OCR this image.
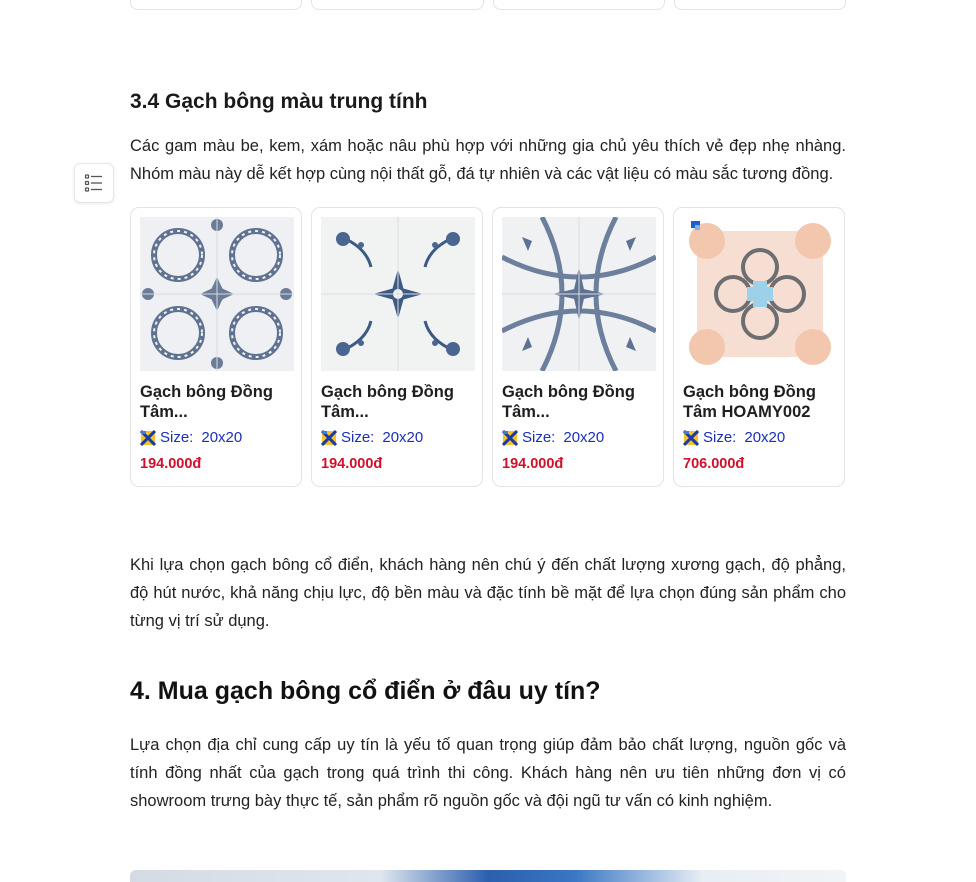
3.4 Gạch bông màu trung tính

Các gam màu be, kem, xám hoặc nâu phù hợp với những gia chủ yêu thích vẻ đẹp nhẹ nhàng. Nhóm màu này dễ kết hợp cùng nội thất gỗ, đá tự nhiên và các vật liệu có màu sắc tương đồng.

Gạch bông Đồng Tâm...
Size: 20x20
194.000đ
Gạch bông Đồng Tâm...
Size: 20x20
194.000đ
Gạch bông Đồng Tâm...
Size: 20x20
194.000đ
Gạch bông Đồng Tâm HOAMY002
Size: 20x20
706.000đ

Khi lựa chọn gạch bông cổ điển, khách hàng nên chú ý đến chất lượng xương gạch, độ phẳng, độ hút nước, khả năng chịu lực, độ bền màu và đặc tính bề mặt để lựa chọn đúng sản phẩm cho từng vị trí sử dụng.

4. Mua gạch bông cổ điển ở đâu uy tín?

Lựa chọn địa chỉ cung cấp uy tín là yếu tố quan trọng giúp đảm bảo chất lượng, nguồn gốc và tính đồng nhất của gạch trong quá trình thi công. Khách hàng nên ưu tiên những đơn vị có showroom trưng bày thực tế, sản phẩm rõ nguồn gốc và đội ngũ tư vấn có kinh nghiệm.
